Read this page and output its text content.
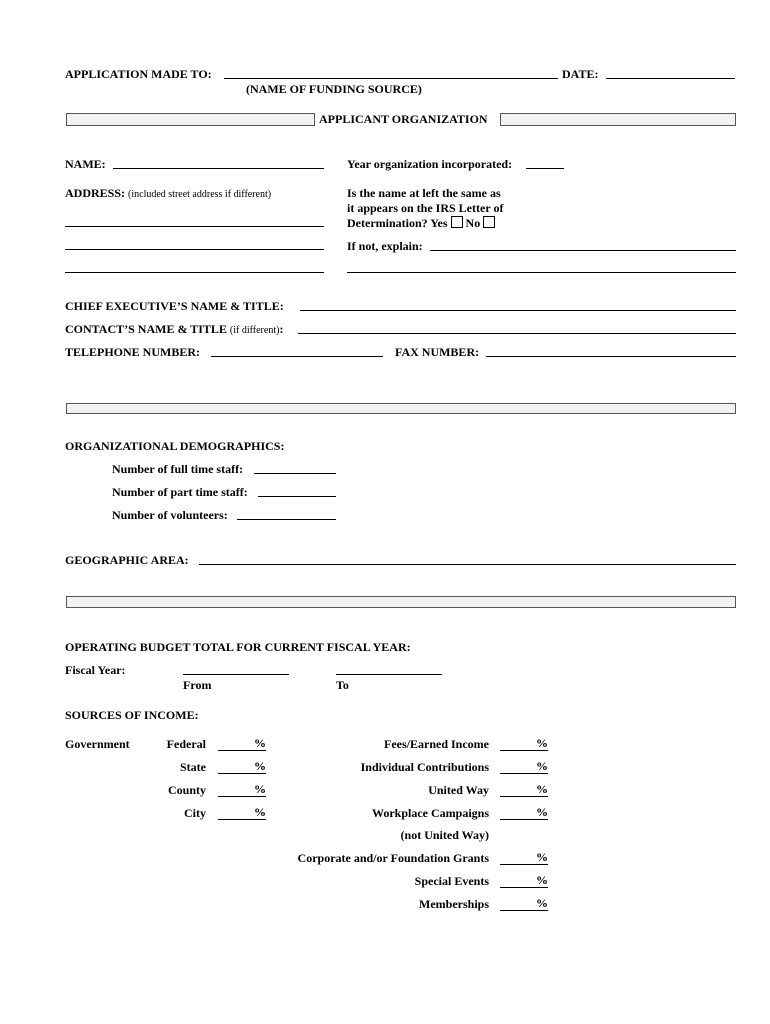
APPLICATION MADE TO:	DATE:
(NAME OF FUNDING SOURCE)
APPLICANT ORGANIZATION
NAME:	Year organization incorporated:
ADDRESS: (included street address if different)	Is the name at left the same as
it appears on the IRS Letter of
Determination? Yes No
If not, explain:
CHIEF EXECUTIVE’S NAME & TITLE:
CONTACT’S NAME & TITLE (if different):
TELEPHONE NUMBER:	FAX NUMBER:
ORGANIZATIONAL DEMOGRAPHICS:
Number of full time staff:
Number of part time staff:
Number of volunteers:
GEOGRAPHIC AREA:
OPERATING BUDGET TOTAL FOR CURRENT FISCAL YEAR:
Fiscal Year:
From	To
SOURCES OF INCOME:
Government	Federal	%
State	%
County	%
City	%
Fees/Earned Income	%
Individual Contributions	%
United Way	%
Workplace Campaigns	%
(not United Way)
Corporate and/or Foundation Grants	%
Special Events	%
Memberships	%
